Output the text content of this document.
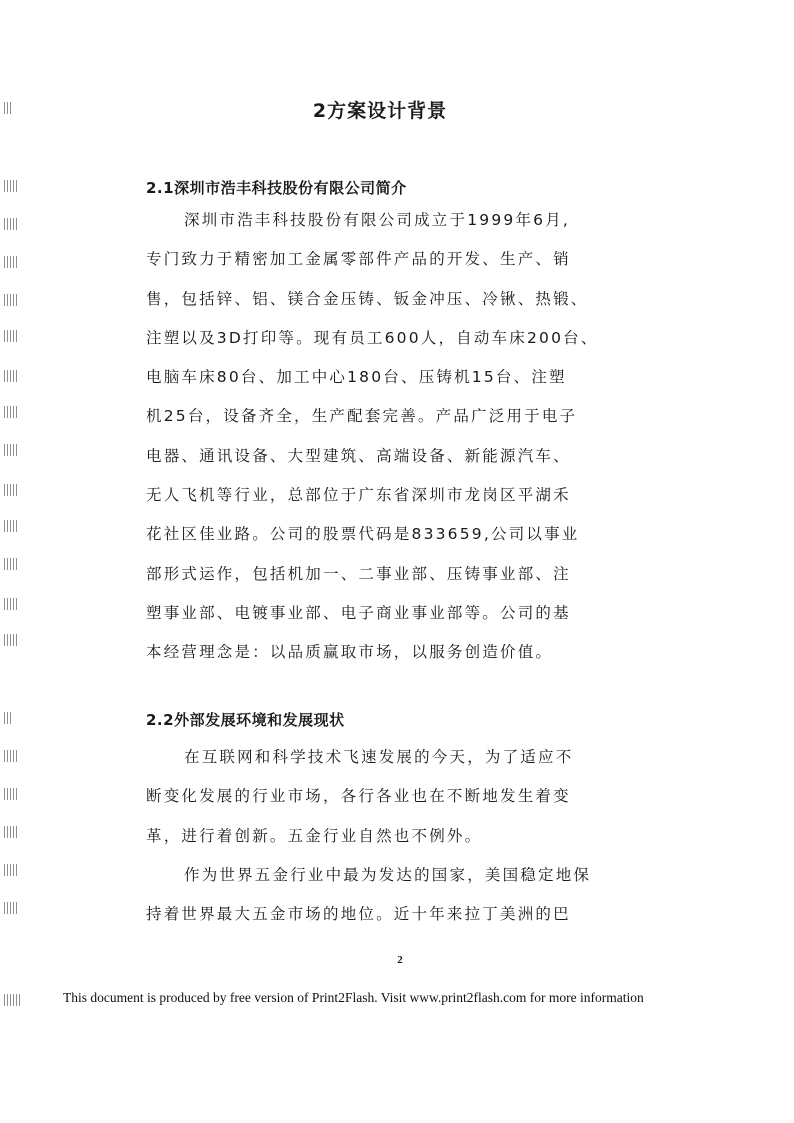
2方案设计背景
2.1深圳市浩丰科技股份有限公司简介
深圳市浩丰科技股份有限公司成立于1999年6月,
专门致力于精密加工金属零部件产品的开发、生产、销
售，包括锌、铝、镁合金压铸、钣金冲压、冷锹、热锻、
注塑以及3D打印等。现有员工600人，自动车床200台、
电脑车床80台、加工中心180台、压铸机15台、注塑
机25台，设备齐全，生产配套完善。产品广泛用于电子
电器、通讯设备、大型建筑、高端设备、新能源汽车、
无人飞机等行业，总部位于广东省深圳市龙岗区平湖禾
花社区佳业路。公司的股票代码是833659,公司以事业
部形式运作，包括机加一、二事业部、压铸事业部、注
塑事业部、电镀事业部、电子商业事业部等。公司的基
本经营理念是：以品质赢取市场，以服务创造价值。
2.2外部发展环境和发展现状
在互联网和科学技术飞速发展的今天，为了适应不
断变化发展的行业市场，各行各业也在不断地发生着变
革，进行着创新。五金行业自然也不例外。
作为世界五金行业中最为发达的国家，美国稳定地保
持着世界最大五金市场的地位。近十年来拉丁美洲的巴
2
This document is produced by free version of Print2Flash. Visit www.print2flash.com for more information
